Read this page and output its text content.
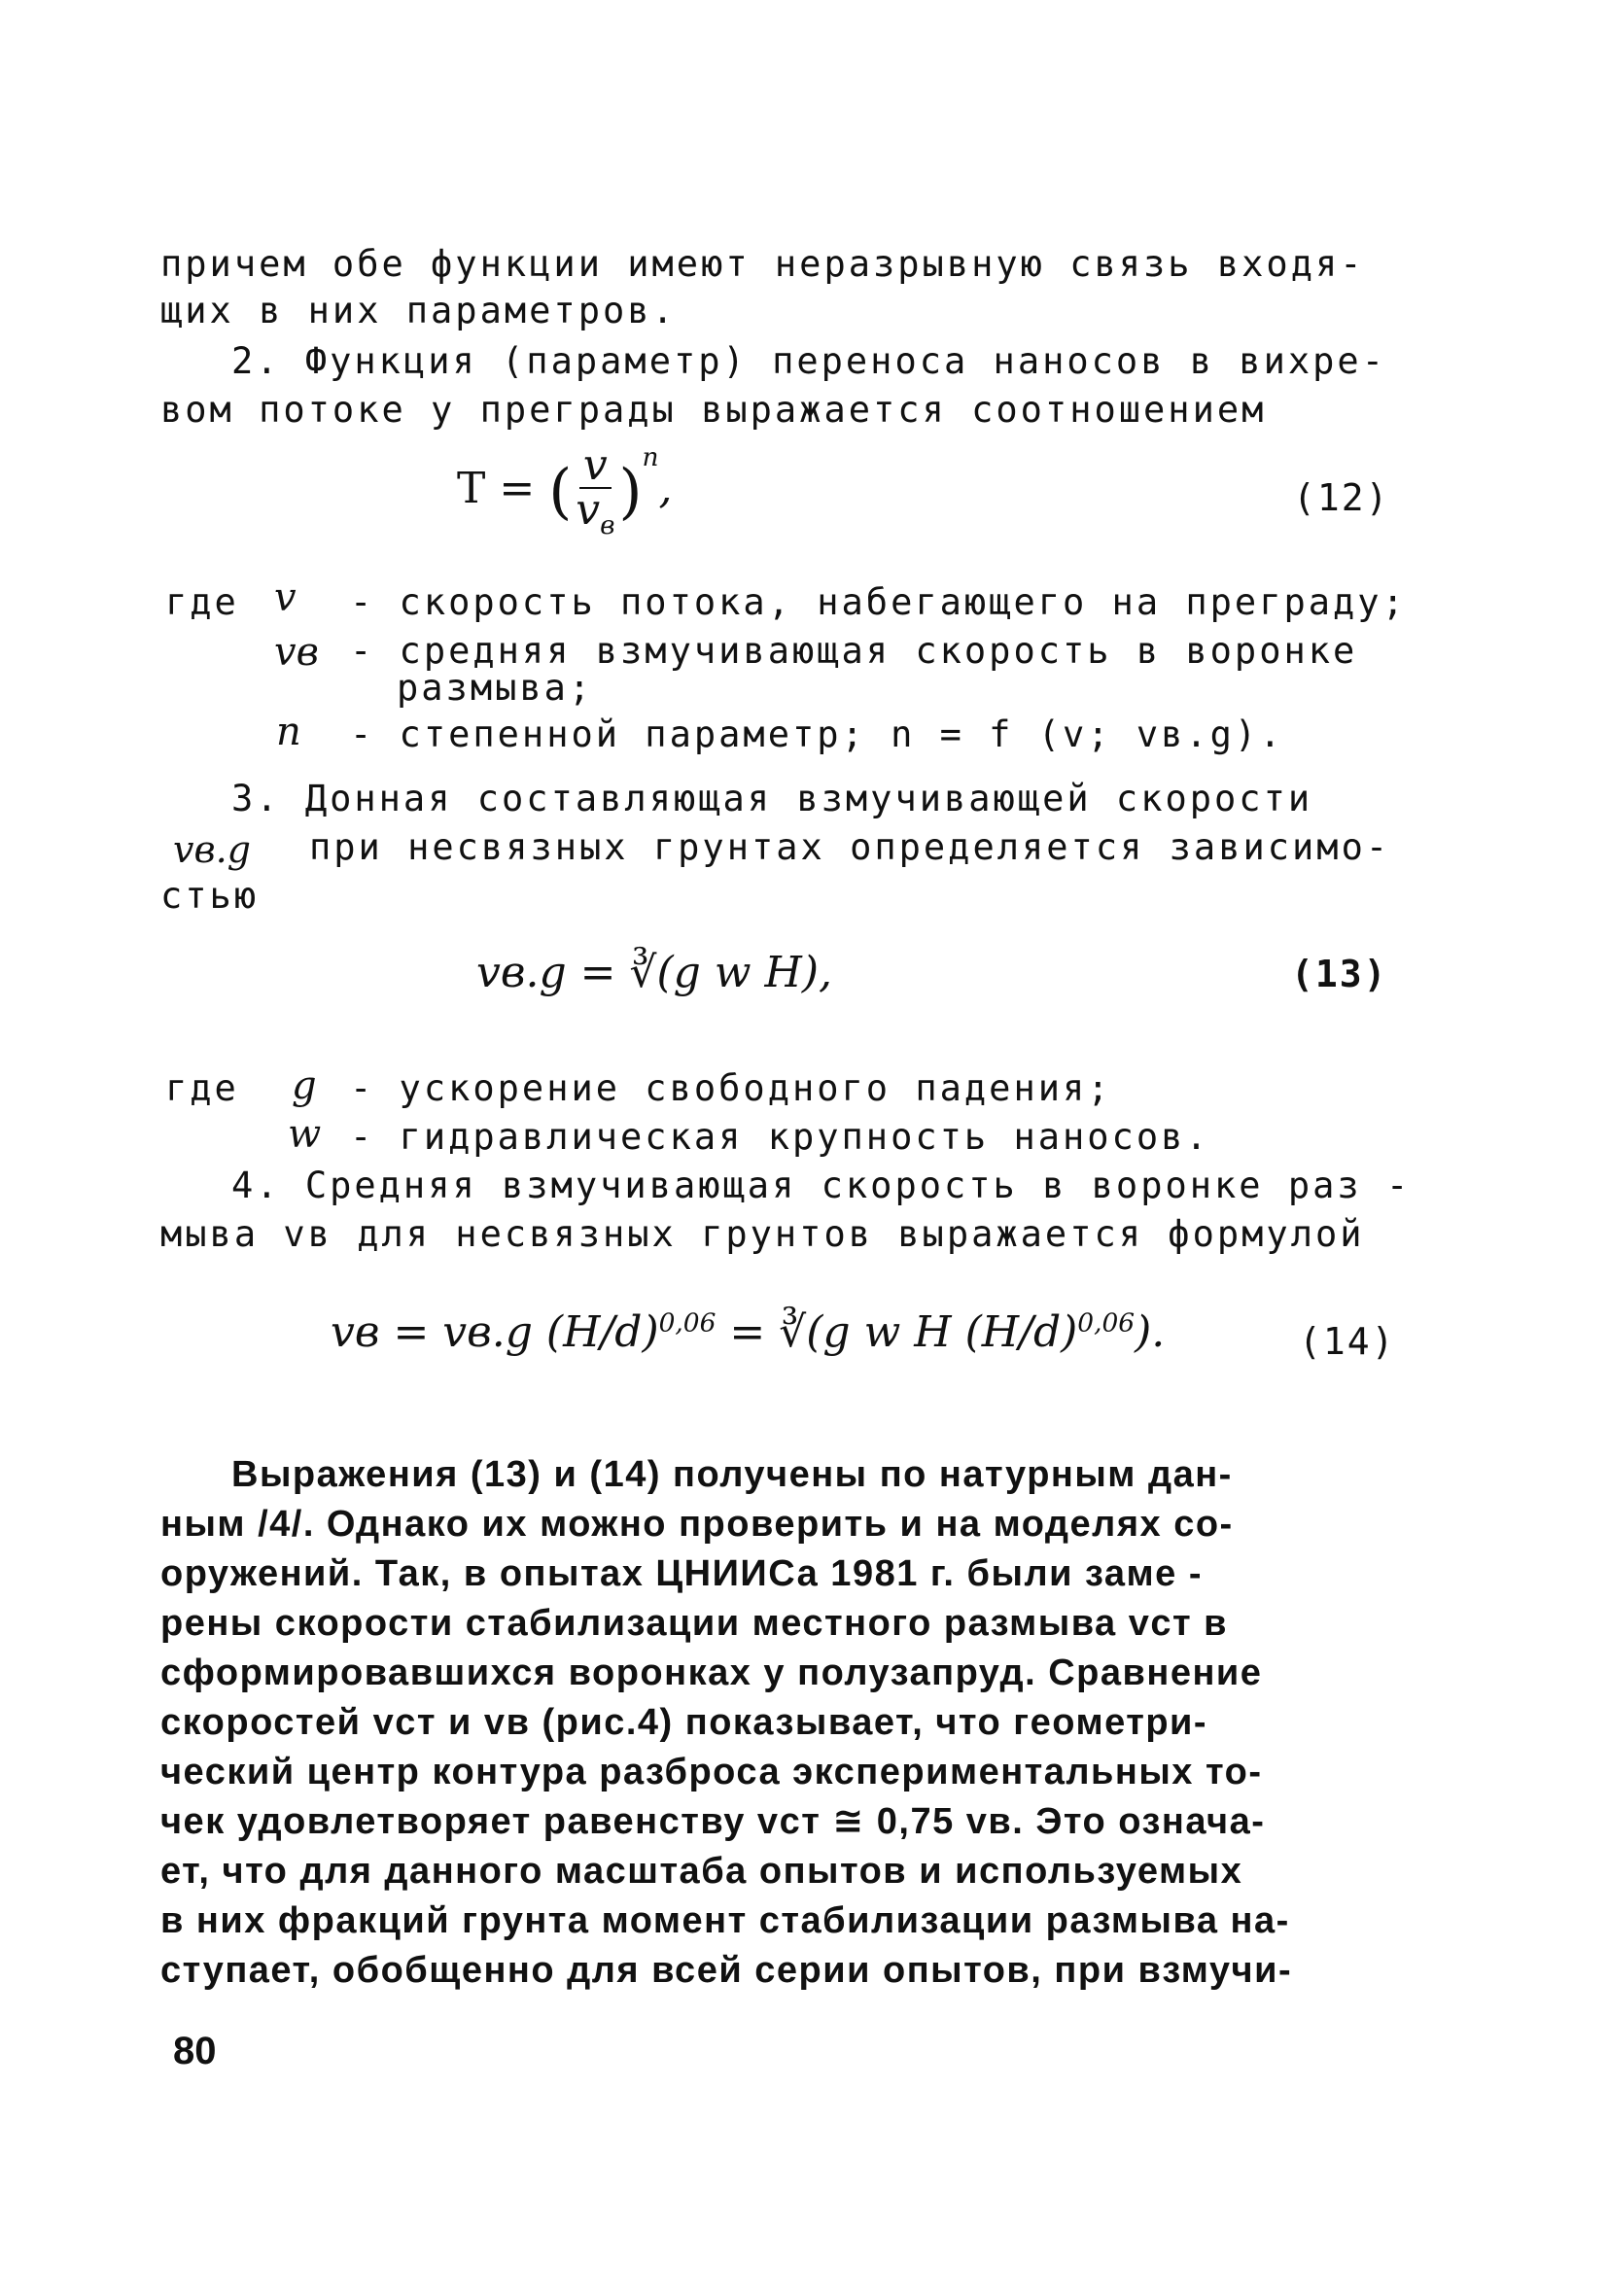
причем обе функции имеют неразрывную связь входя-
щих в них параметров.
2. Функция (параметр) переноса наносов в вихре-
вом потоке у преграды выражается соотношением
T = ( $\frac{v}{v_в} )^n$,	(12)
где v - скорость потока, набегающего на преграду;
vв - средняя взмучивающая скорость в воронке
размыва;
n - степенной параметр; n = f (v; vв.g).
3. Донная составляющая взмучивающей скорости
vв.g при несвязных грунтах определяется зависимо-
стью
vв.g = ∛(g w H),	(13)
где g - ускорение свободного падения;
w - гидравлическая крупность наносов.
4. Средняя взмучивающая скорость в воронке раз -
мыва vв для несвязных грунтов выражается формулой
vв = vв.g $(H/d)^{0,06}$ = ∛(g w H $(H/d)^{0,06}$).	(14)
Выражения (13) и (14) получены по натурным дан-
ным /4/. Однако их можно проверить и на моделях со-
оружений. Так, в опытах ЦНИИСа 1981 г. были заме -
рены скорости стабилизации местного размыва vст в
сформировавшихся воронках у полузапруд. Сравнение
скоростей vст и vв (рис.4) показывает, что геометри-
ческий центр контура разброса экспериментальных то-
чек удовлетворяет равенству vст ≅ 0,75 vв. Это означа-
ет, что для данного масштаба опытов и используемых
в них фракций грунта момент стабилизации размыва на-
ступает, обобщенно для всей серии опытов, при взмучи-
80
